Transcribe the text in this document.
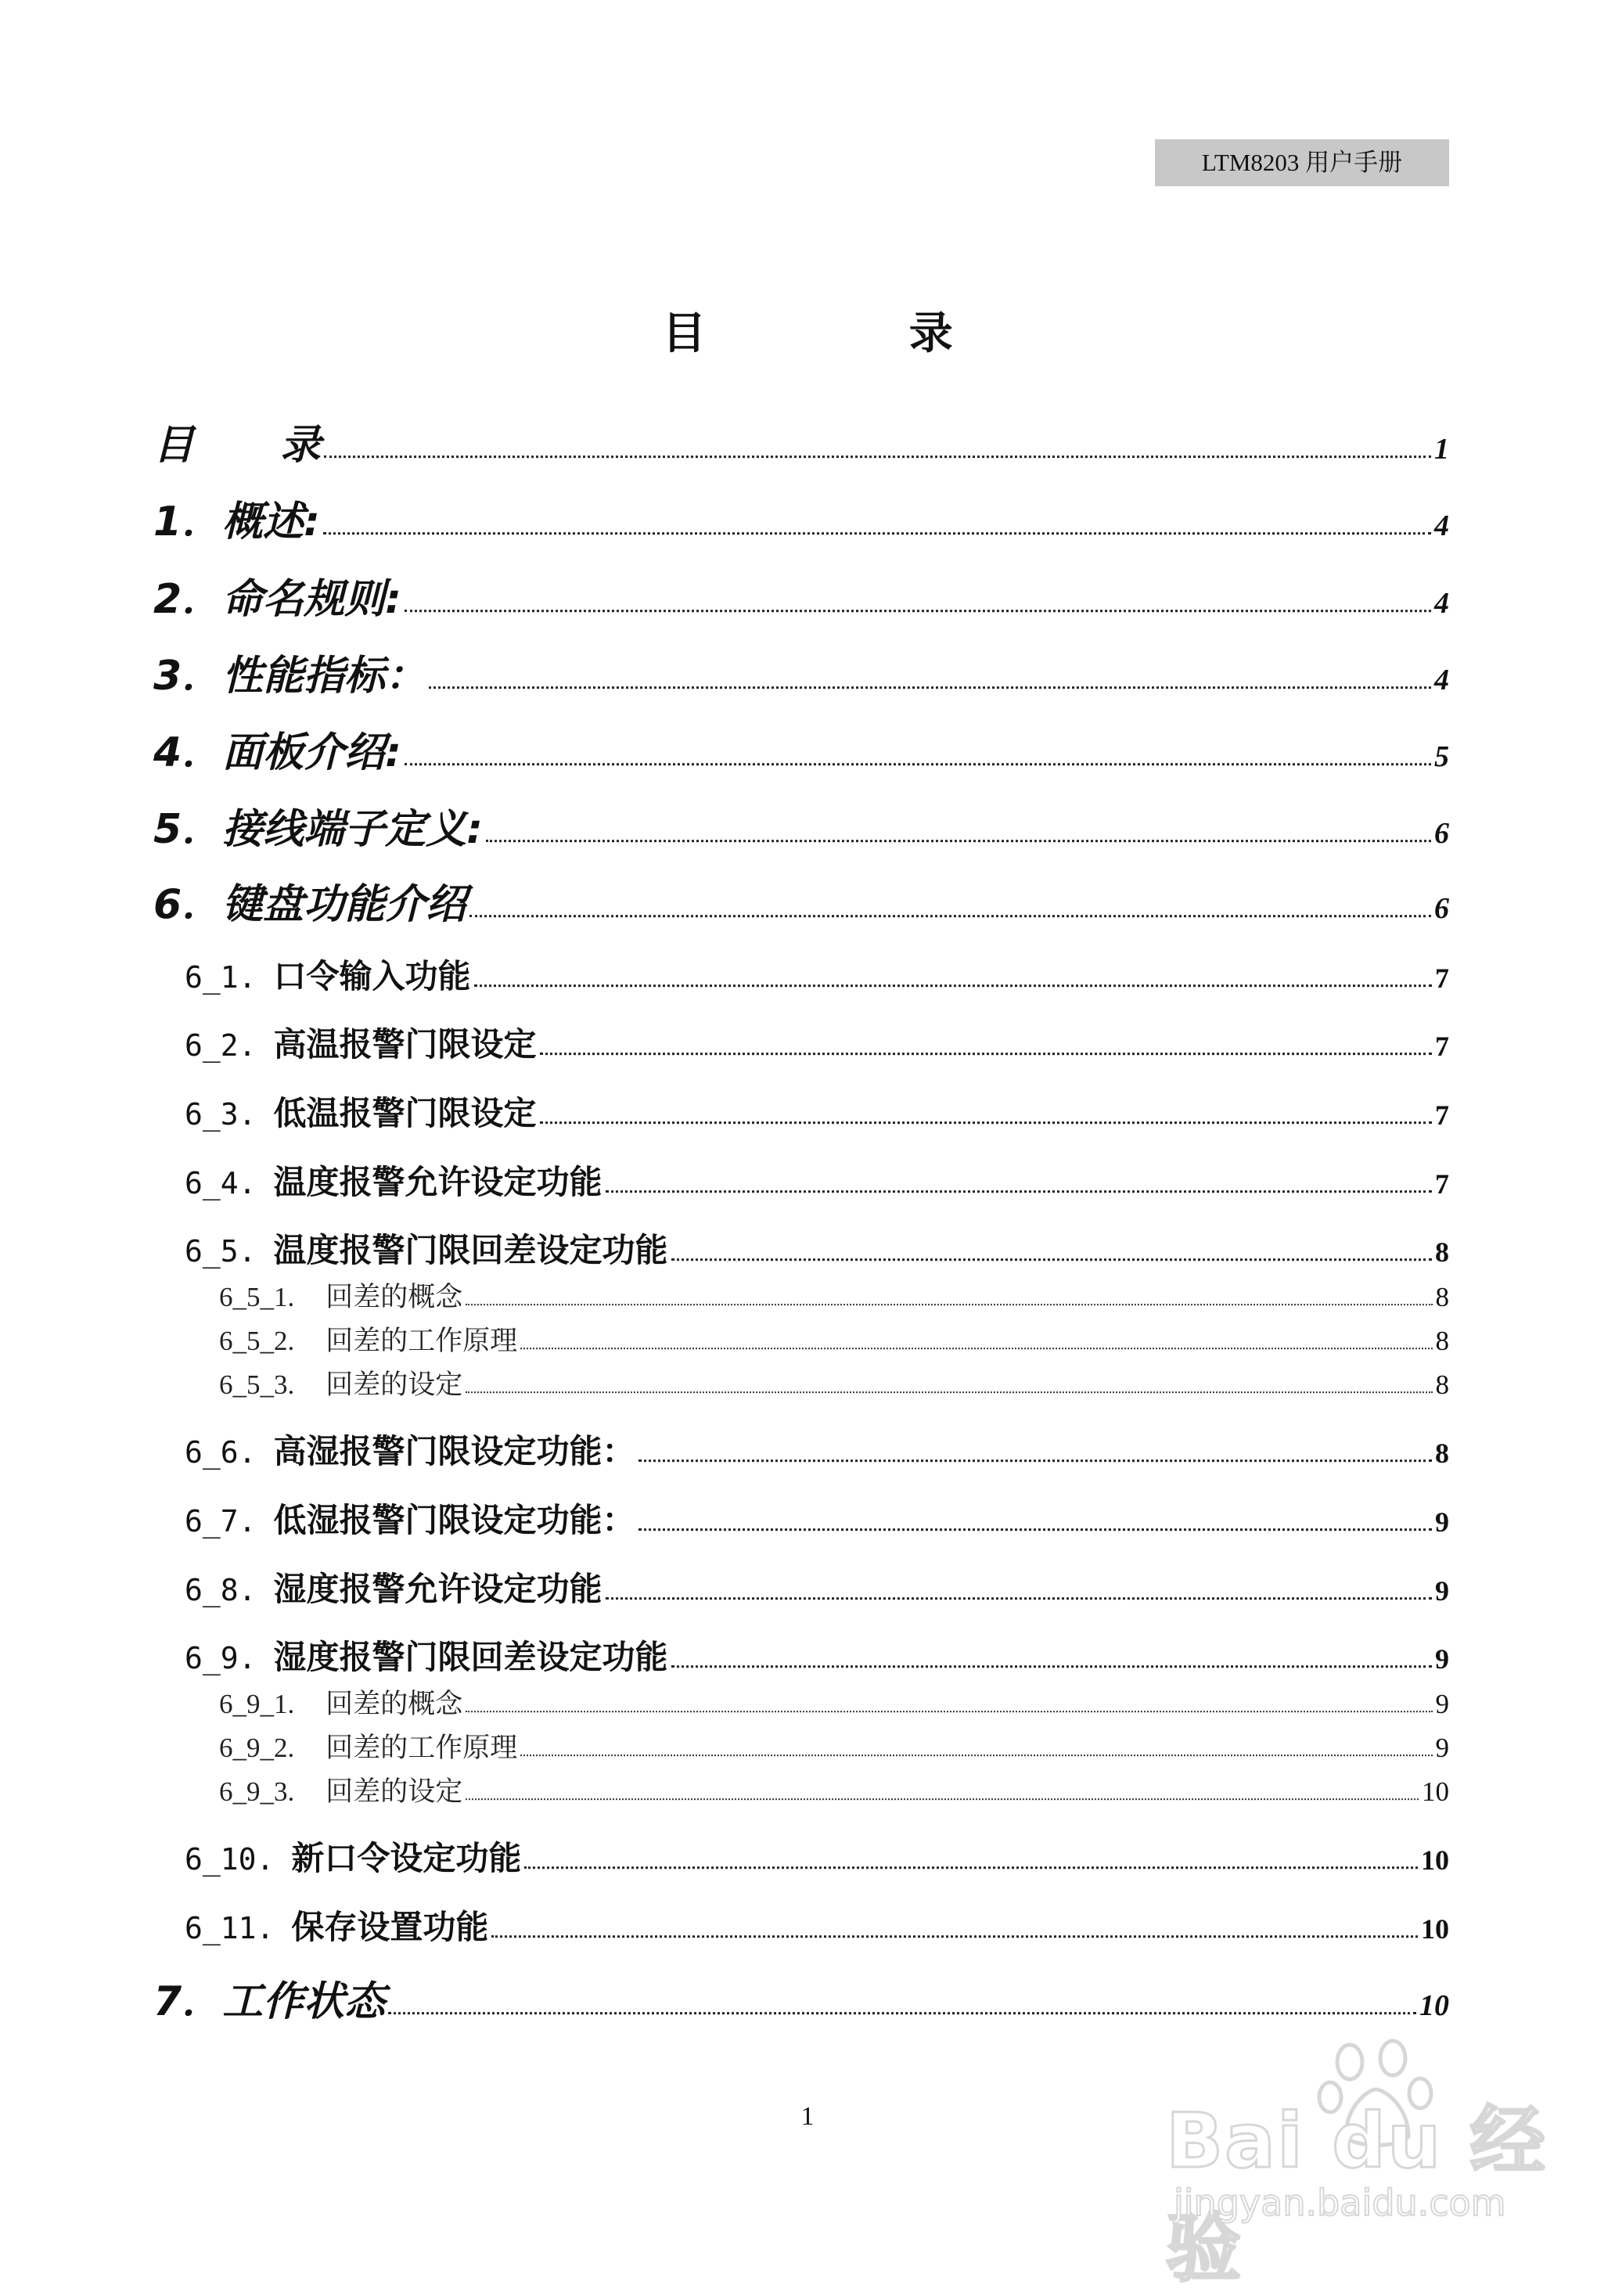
LTM8203 用户手册
目 录
目 录	1
1．概述:	4
2．命名规则:	4
3．性能指标：	4
4．面板介绍:	5
5．接线端子定义:	6
6．键盘功能介绍	6
6_1. 口令输入功能	7
6_2. 高温报警门限设定	7
6_3. 低温报警门限设定	7
6_4. 温度报警允许设定功能	7
6_5. 温度报警门限回差设定功能	8
6_5_1. 回差的概念	8
6_5_2. 回差的工作原理	8
6_5_3. 回差的设定	8
6_6. 高湿报警门限设定功能：	8
6_7. 低湿报警门限设定功能：	9
6_8. 湿度报警允许设定功能	9
6_9. 湿度报警门限回差设定功能	9
6_9_1. 回差的概念	9
6_9_2. 回差的工作原理	9
6_9_3. 回差的设定	10
6_10. 新口令设定功能	10
6_11. 保存设置功能	10
7．工作状态	10
1	Bai du 经验
jingyan.baidu.com
